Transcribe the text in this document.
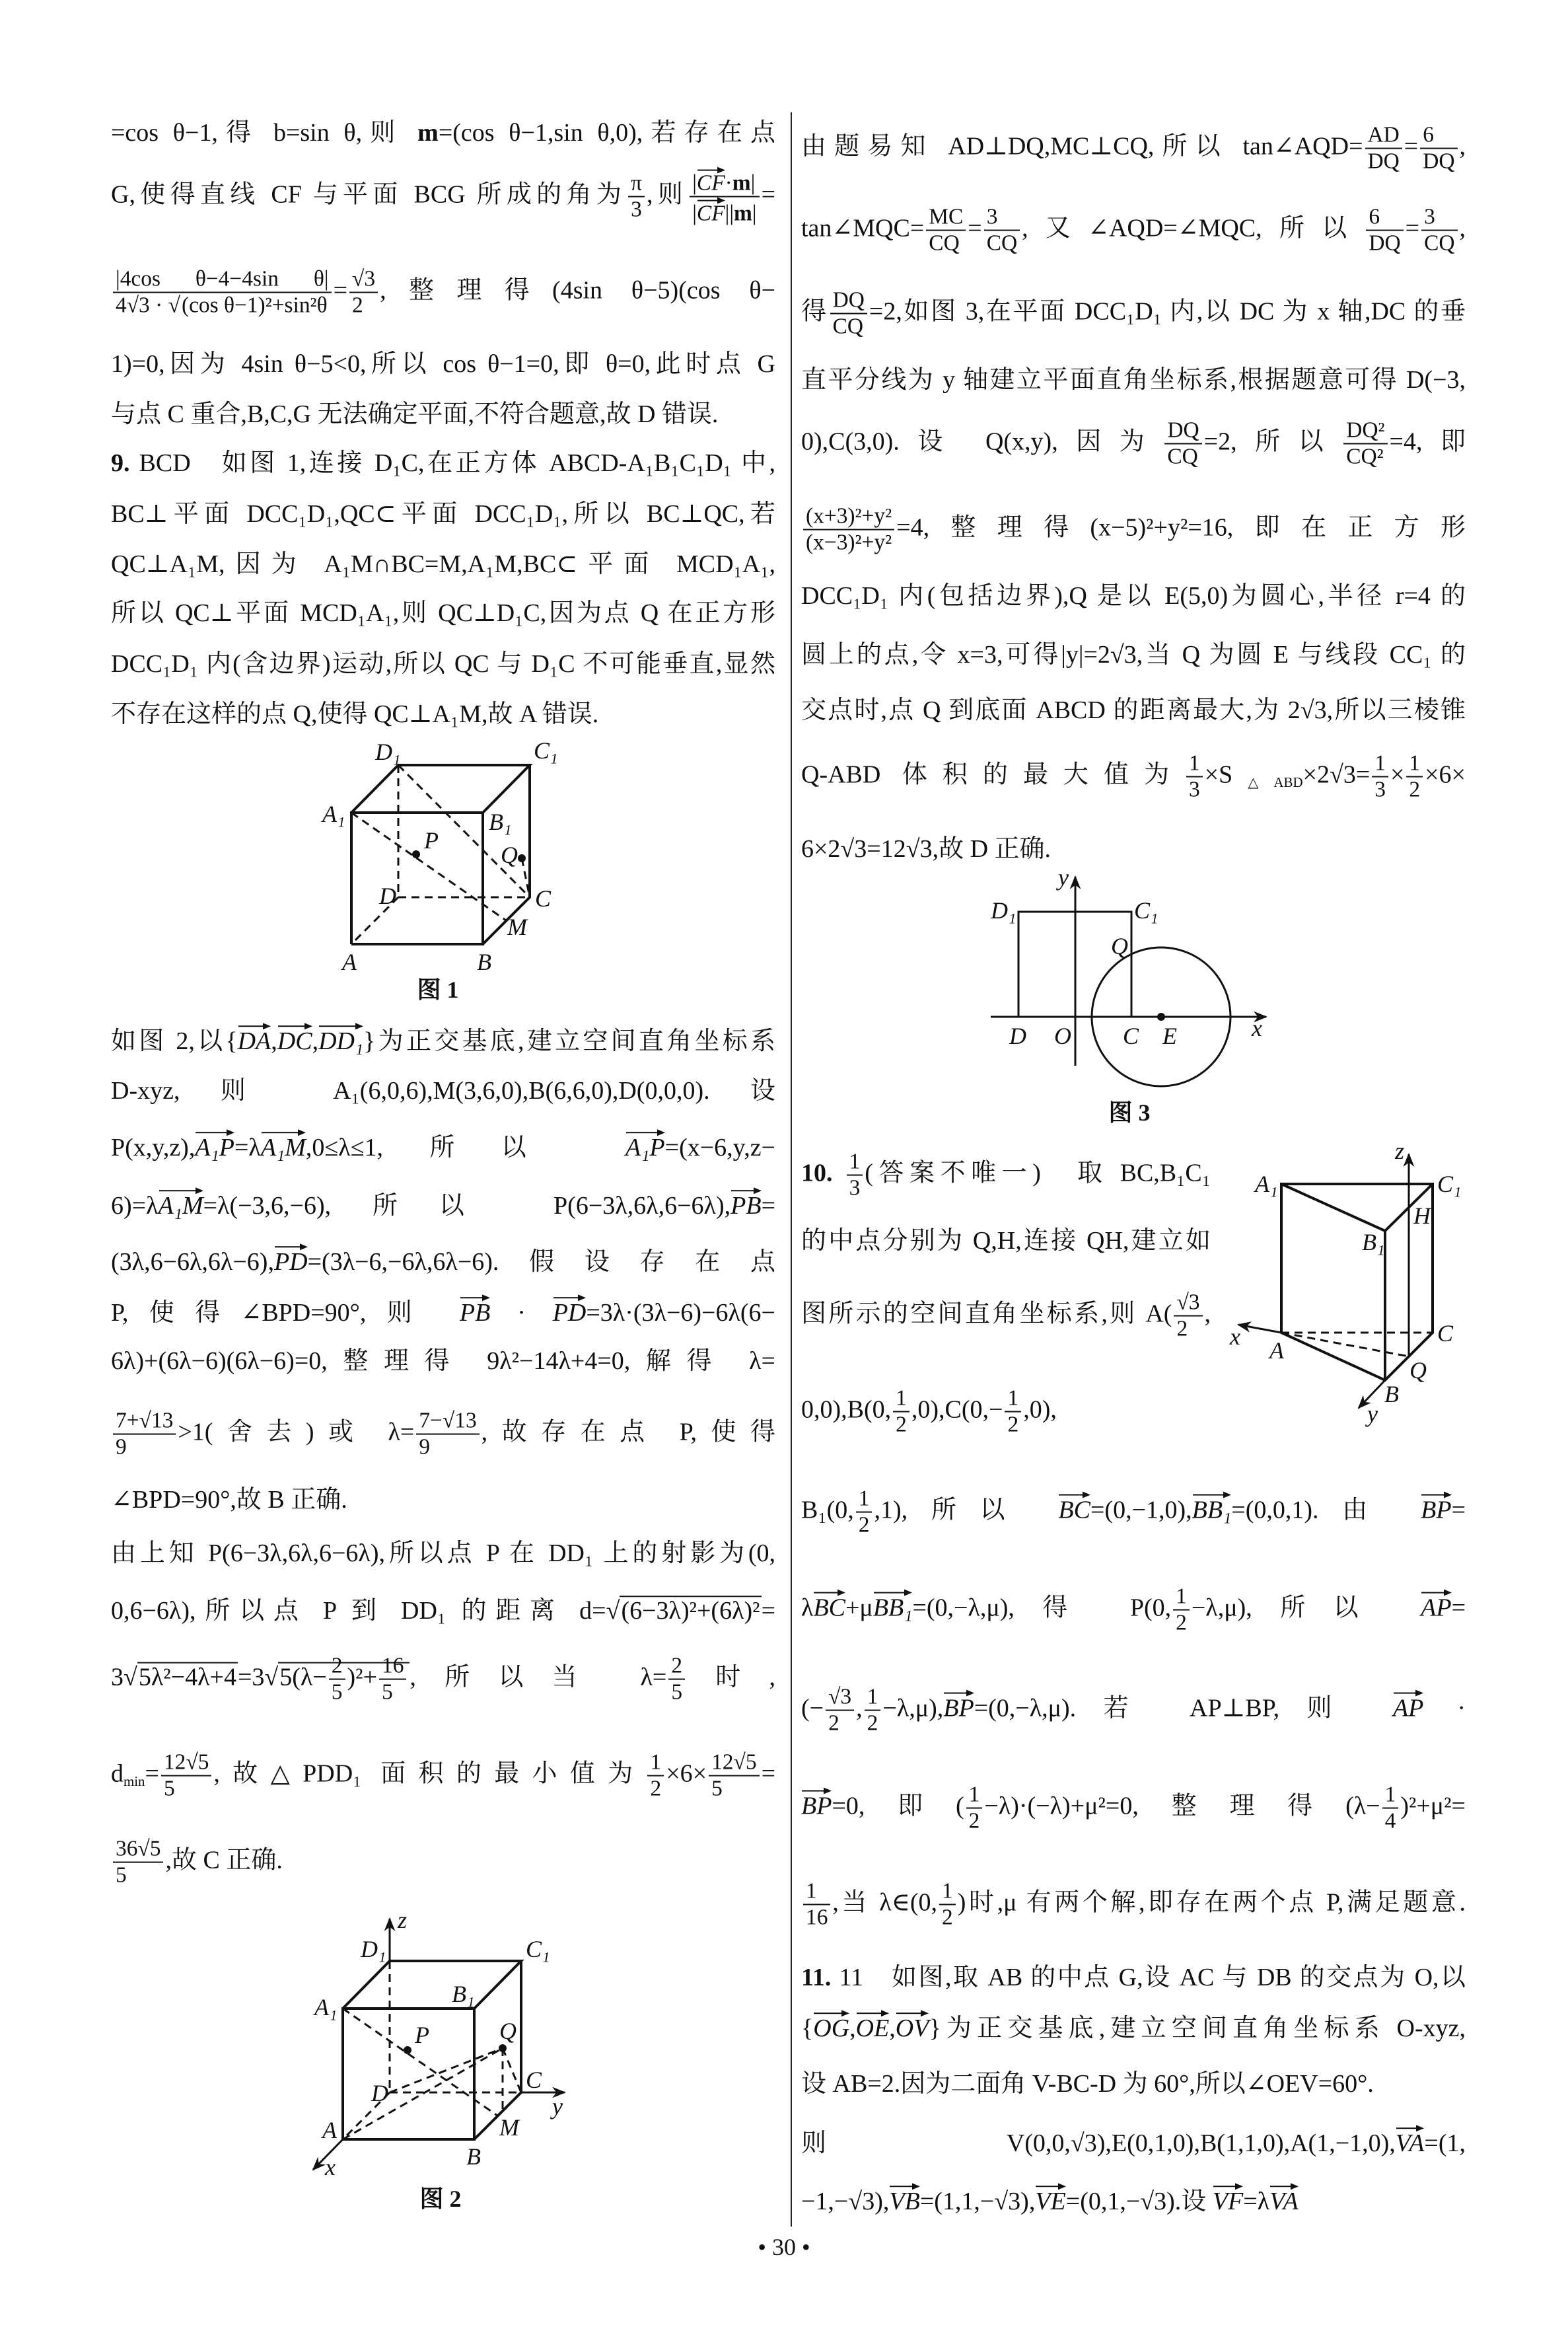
=cos θ−1,得 b=sin θ,则 m=(cos θ−1,sin θ,0),若存在点
G,使得直线 CF 与平面 BCG 所成的角为 $\frac{\pi}{3}$ ,则 $\frac{|CF\cdot m|}{|CF||m|}$ =
$\frac{\text{|4cos θ−4−4sin θ|}}{\text{4√3 · √ (cos θ−1)²+sin²θ}} = \frac{√3}{2}$ ,整理得(4sin θ−5)(cos θ−
1)=0,因为 4sin θ−5<0,所以 cos θ−1=0,即 θ=0,此时点 G
与点 C 重合,B,C,G 无法确定平面,不符合题意,故 D 错误.
9. BCD　如图 1,连接 D₁C,在正方体 ABCD-A₁B₁C₁D₁ 中,
BC⊥平面 DCC₁D₁,QC⊂平面 DCC₁D₁,所以 BC⊥QC,若
QC⊥A₁M,因为 A₁M∩BC=M,A₁M,BC⊂平面 MCD₁A₁,
所以 QC⊥平面 MCD₁A₁,则 QC⊥D₁C,因为点 Q 在正方形
DCC₁D₁ 内(含边界)运动,所以 QC 与 D₁C 不可能垂直,显然
不存在这样的点 Q,使得 QC⊥A₁M,故 A 错误.
如图 2,以{DA,DC,DD₁}为正交基底,建立空间直角坐标系
D-xyz,则 A₁(6,0,6),M(3,6,0),B(6,6,0),D(0,0,0).设
P(x,y,z),A₁P=λA₁M,0≤λ≤1,所以 A₁P=(x−6,y,z−
6)=λA₁M=λ(−3,6,−6),所以 P(6−3λ,6λ,6−6λ),PB=
(3λ,6−6λ,6λ−6),PD=(3λ−6,−6λ,6λ−6).假设存在点
P,使得∠BPD=90°,则 PB · PD=3λ·(3λ−6)−6λ(6−
6λ)+(6λ−6)(6λ−6)=0,整理得 9λ²−14λ+4=0,解得 λ=
$\frac{7+√13}{9} >1$(舍去)或 $\lambda= \frac{7-√13}{9}$ ,故存在点 P,使得
∠BPD=90°,故 B 正确.
由上知 P(6−3λ,6λ,6−6λ),所以点 P 在 DD₁ 上的射影为(0,
0,6−6λ),所以点 P 到 DD₁ 的距离 d= √ (6−3λ)²+(6λ)²=
3 √ 5λ²−4λ+4=3 √ $5(\lambda- \frac{2}{5} )^2+ \frac{16}{5}$ ,所以当 $\lambda= \frac{2}{5}$ 时,
$d_{min}= \frac{12√5}{5}$ ,故△PDD₁ 面积的最小值为 $\frac{1}{2} \times 6\times \frac{12√5}{5}$ =
$\frac{36√5}{5}$ ,故 C 正确.
由题易知 AD⊥DQ,MC⊥CQ,所以 tan∠AQD= $\frac{AD}{DQ} = \frac{6}{DQ}$ ,
tan∠MQC= $\frac{MC}{CQ} = \frac{3}{CQ}$ ,又∠AQD=∠MQC,所以 $\frac{6}{DQ} = \frac{3}{CQ}$ ,
得 $\frac{DQ}{CQ} =2$,如图 3,在平面 DCC₁D₁ 内,以 DC 为 x 轴,DC 的垂
直平分线为 y 轴建立平面直角坐标系,根据题意可得 D(−3,
0),C(3,0).设 Q(x,y),因为 $\frac{DQ}{CQ} =2$,所以 $\frac{\text{DQ²}}{\text{CQ²}} =4$,即
$\frac{\text{(x+3)²+y²}}{\text{(x−3)²+y²}} =4$,整理得(x−5)²+y²=16,即在正方形
DCC₁D₁ 内(包括边界),Q 是以 E(5,0)为圆心,半径 r=4 的
圆上的点,令 x=3,可得|y|=2√3,当 Q 为圆 E 与线段 CC₁ 的
交点时,点 Q 到底面 ABCD 的距离最大,为 2√3,所以三棱锥
Q-ABD 体积的最大值为 $\frac{1}{3} \times S_{\triangle ABD}\times 2√3= \frac{1}{3} \times \frac{1}{2} \times 6\times$
6×2√3=12√3,故 D 正确.
10. $\frac{1}{3}$ (答案不唯一)　取 BC,B₁C₁
的中点分别为 Q,H,连接 QH,建立如
图所示的空间直角坐标系,则 $A( \frac{√3}{2}$ ,
0,0),B(0, $\frac{1}{2} ,0),C(0,- \frac{1}{2} ,0)$,
B₁(0, $\frac{1}{2} ,1$),所以 BC=(0,−1,0),BB₁=(0,0,1).由 BP=
λBC+μBB₁=(0,−λ,μ),得 P(0, $\frac{1}{2} -\lambda,\mu$),所以 AP=
(− $\frac{√3}{2}$ , $\frac{1}{2} -\lambda,\mu),BP=(0,-\lambda,\mu)$.若 AP⊥BP,则 AP ·
BP=0,即( $\frac{1}{2} -\lambda)\cdot(-\lambda)+\mu^2=0$,整理得$(\lambda- \frac{1}{4} )^2+\mu^2=$
$\frac{1}{16}$ ,当 λ∈(0, $\frac{1}{2}$ )时,μ 有两个解,即存在两个点 P,满足题意.
11. 11　如图,取 AB 的中点 G,设 AC 与 DB 的交点为 O,以
{OG,OE,OV}为正交基底,建立空间直角坐标系 O-xyz,
设 AB=2.因为二面角 V-BC-D 为 60°,所以∠OEV=60°.
则 V(0,0,√3),E(0,1,0),B(1,1,0),A(1,−1,0),VA=(1,
−1,−√3),VB=(1,1,−√3),VE=(0,1,−√3).设 VF=λVA
D₁	C₁
A₁	B₁
P
Q
D	C
M
A	B
图 1
z
D₁	C₁
B₁
A₁
P	Q
C
y
D
M
A
B
x
图 2
y
D₁	C₁
Q
D O C E	x
图 3
z
A₁	C₁
H
B₁
x
A
C
Q
B
y
• 30 •
